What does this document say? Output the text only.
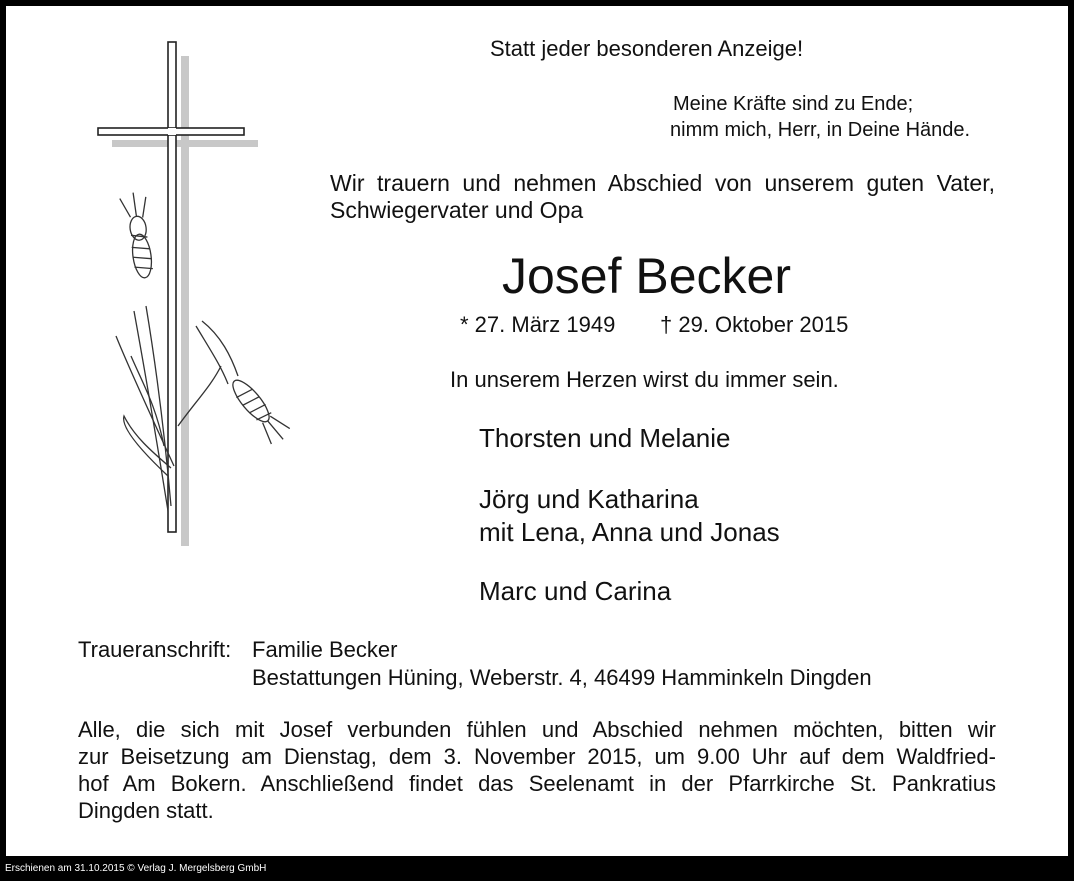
Statt jeder besonderen Anzeige!
Meine Kräfte sind zu Ende;
nimm mich, Herr, in Deine Hände.
Wir trauern und nehmen Abschied von unserem guten Vater,
Schwiegervater und Opa
Josef Becker
* 27. März 1949 † 29. Oktober 2015
In unserem Herzen wirst du immer sein.
Thorsten und Melanie
Jörg und Katharina
mit Lena, Anna und Jonas
Marc und Carina
Traueranschrift: Familie Becker
Bestattungen Hüning, Weberstr. 4, 46499 Hamminkeln Dingden
Alle, die sich mit Josef verbunden fühlen und Abschied nehmen möchten, bitten wir
zur Beisetzung am Dienstag, dem 3. November 2015, um 9.00 Uhr auf dem Waldfried-
hof Am Bokern. Anschließend findet das Seelenamt in der Pfarrkirche St. Pankratius
Dingden statt.
Erschienen am 31.10.2015 © Verlag J. Mergelsberg GmbH
